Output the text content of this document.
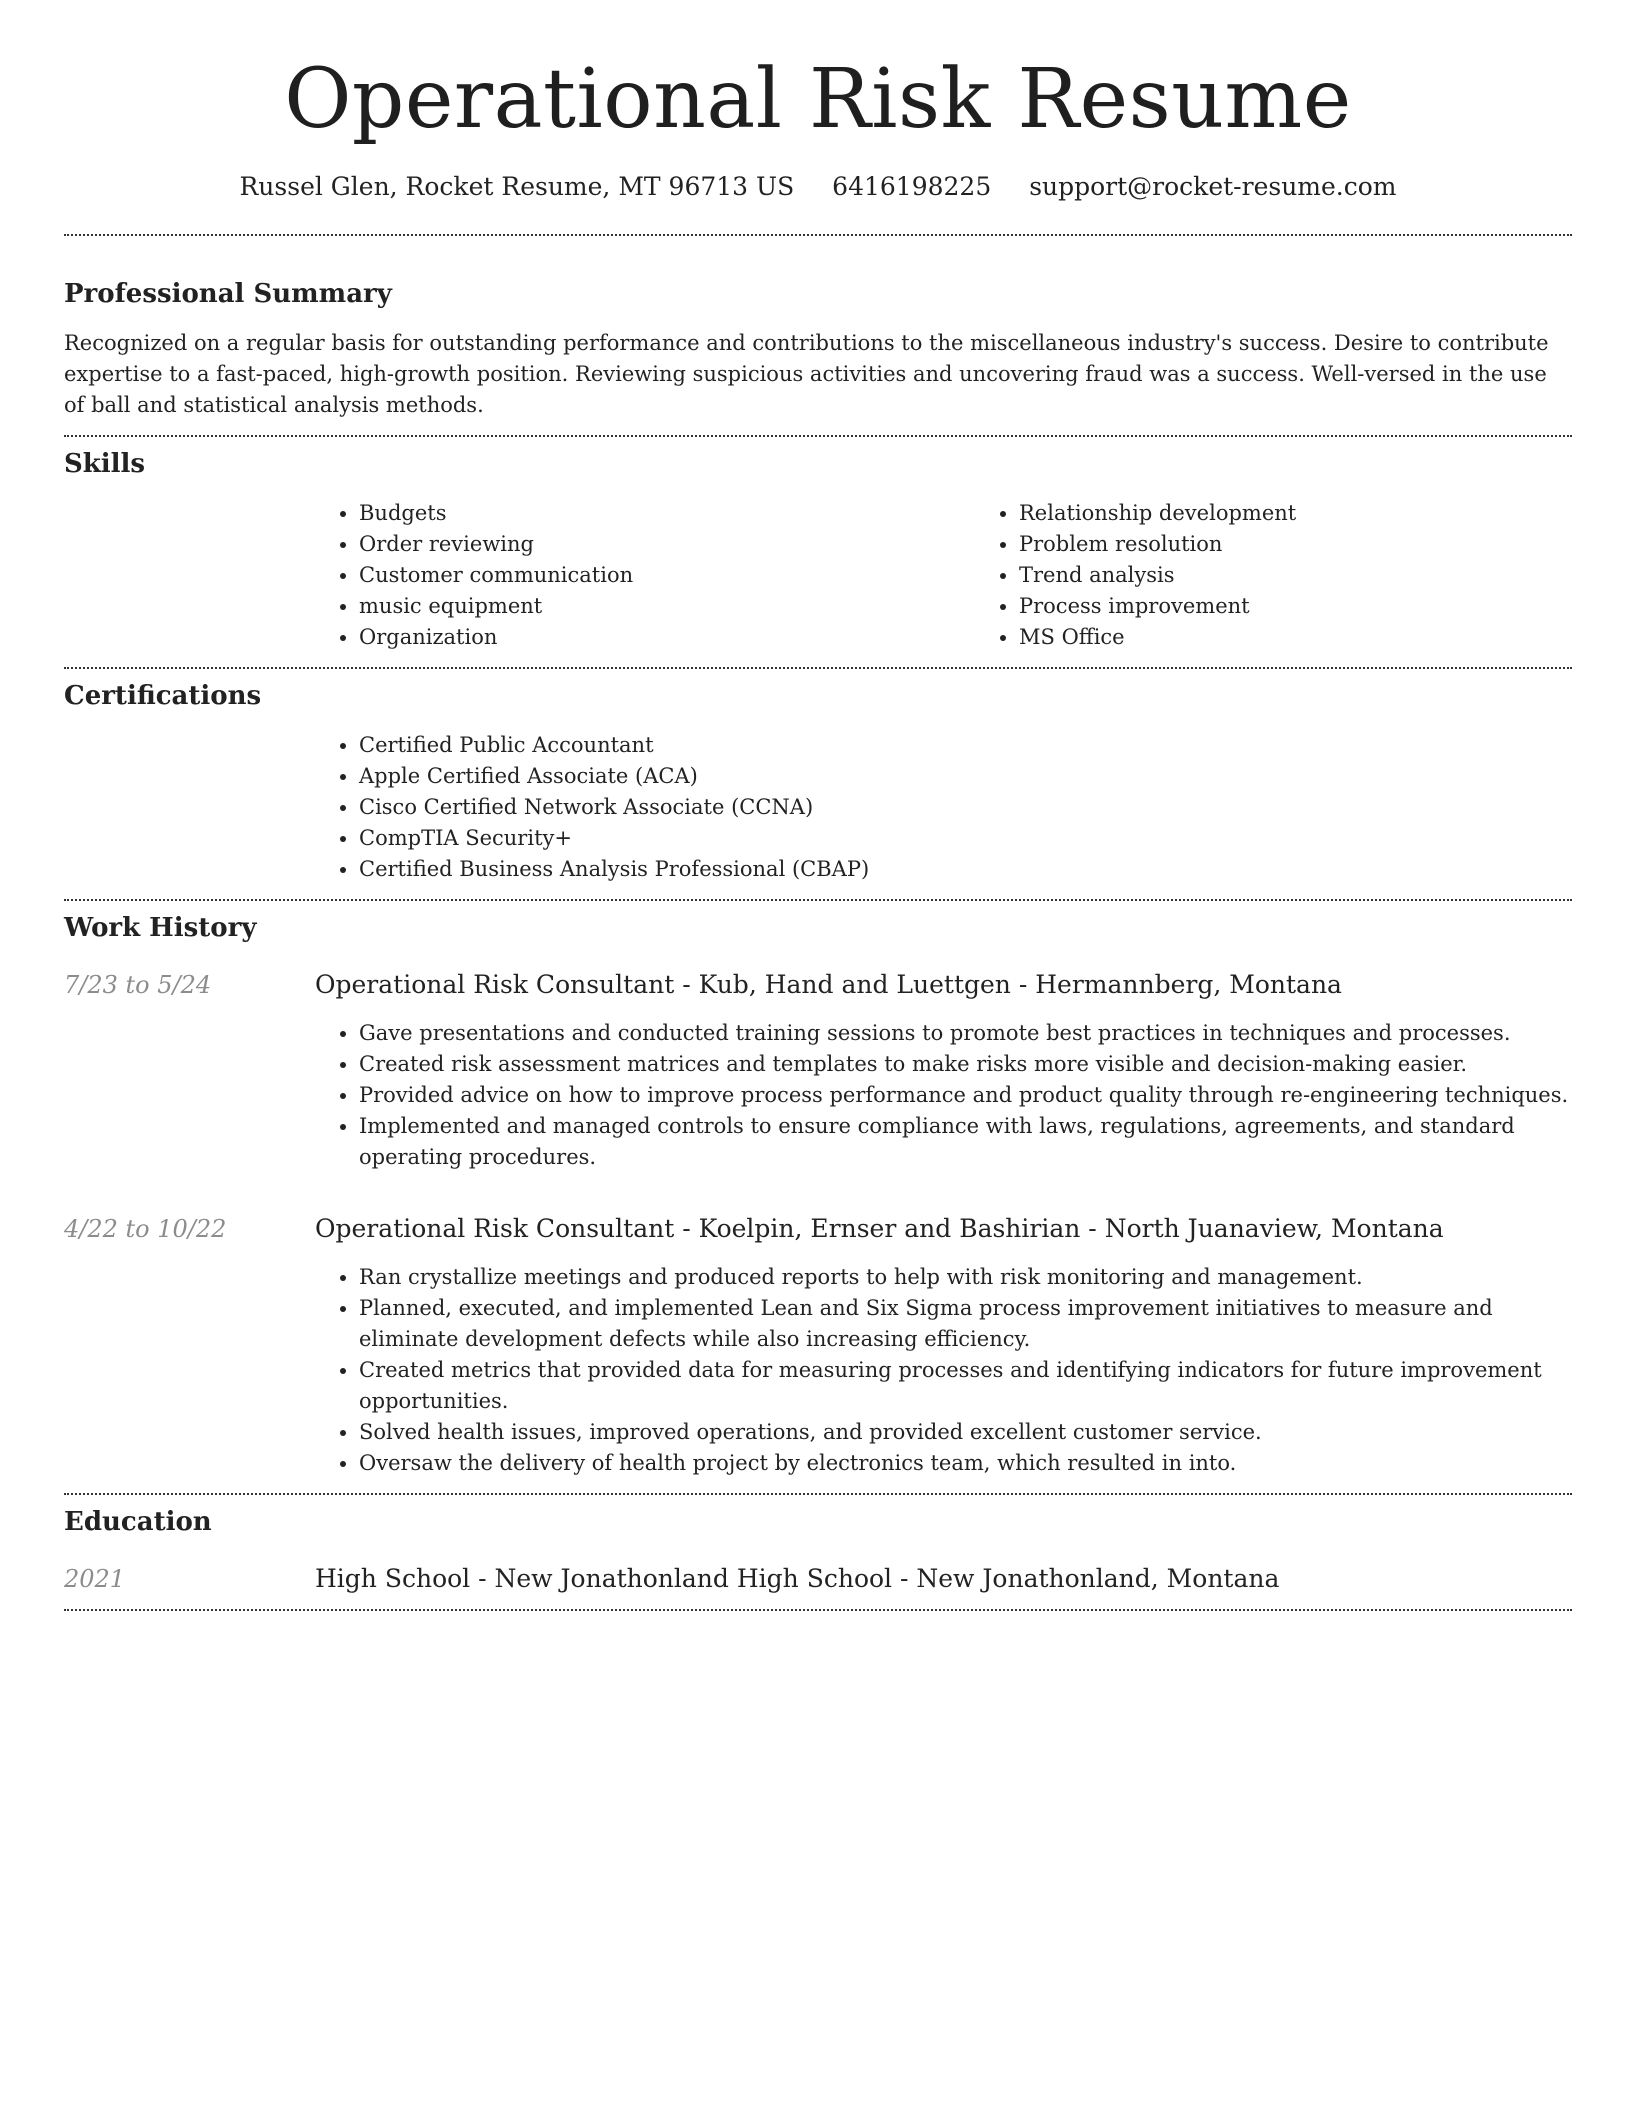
Operational Risk Resume
Russel Glen, Rocket Resume, MT 96713 US 6416198225 support@rocket-resume.com
Professional Summary

Recognized on a regular basis for outstanding performance and contributions to the miscellaneous industry's success. Desire to contribute expertise to a fast-paced, high-growth position. Reviewing suspicious activities and uncovering fraud was a success. Well-versed in the use of ball and statistical analysis methods.

Skills
• Budgets
• Order reviewing
• Customer communication
• music equipment
• Organization
• Relationship development
• Problem resolution
• Trend analysis
• Process improvement
• MS Office
Certifications
• Certified Public Accountant
• Apple Certified Associate (ACA)
• Cisco Certified Network Associate (CCNA)
• CompTIA Security+
• Certified Business Analysis Professional (CBAP)
Work History
7/23 to 5/24	Operational Risk Consultant - Kub, Hand and Luettgen - Hermannberg, Montana
• Gave presentations and conducted training sessions to promote best practices in techniques and processes.
• Created risk assessment matrices and templates to make risks more visible and decision-making easier.
• Provided advice on how to improve process performance and product quality through re-engineering techniques.
• Implemented and managed controls to ensure compliance with laws, regulations, agreements, and standard operating procedures.
4/22 to 10/22	Operational Risk Consultant - Koelpin, Ernser and Bashirian - North Juanaview, Montana
• Ran crystallize meetings and produced reports to help with risk monitoring and management.
• Planned, executed, and implemented Lean and Six Sigma process improvement initiatives to measure and eliminate development defects while also increasing efficiency.
• Created metrics that provided data for measuring processes and identifying indicators for future improvement opportunities.
• Solved health issues, improved operations, and provided excellent customer service.
• Oversaw the delivery of health project by electronics team, which resulted in into.
Education
2021	High School - New Jonathonland High School - New Jonathonland, Montana
